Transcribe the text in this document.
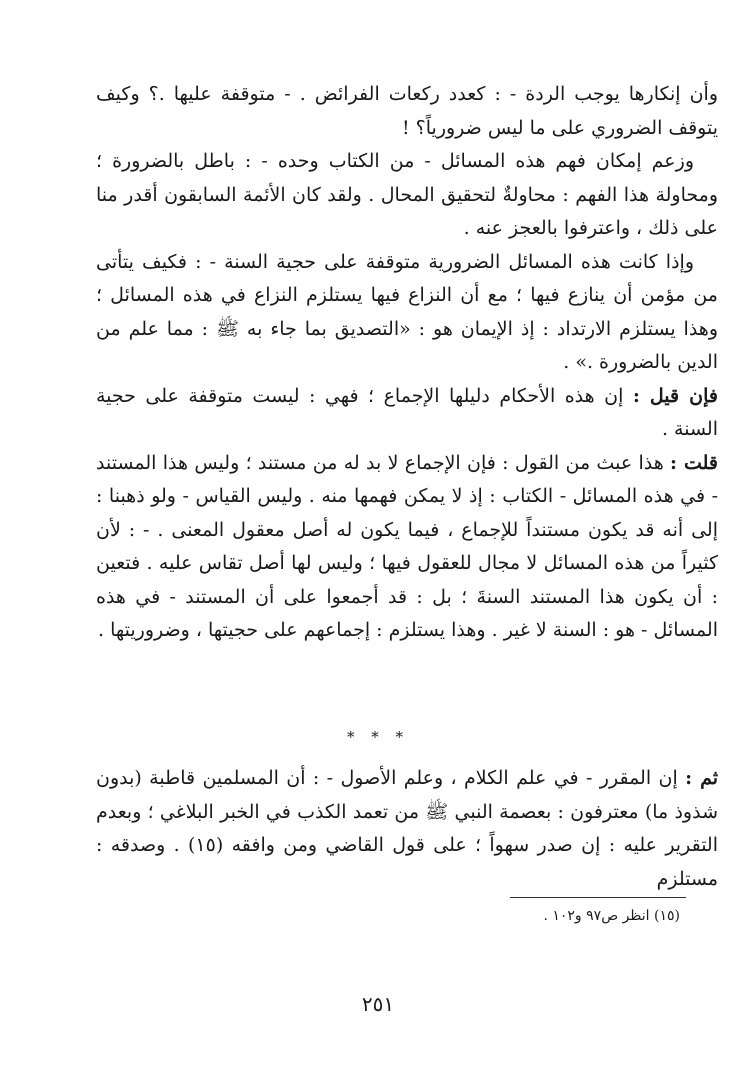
وأن إنكارها يوجب الردة - : كعدد ركعات الفرائض . - متوقفة عليها .؟ وكيف يتوقف الضروري على ما ليس ضرورياً؟ !

وزعم إمكان فهم هذه المسائل - من الكتاب وحده - : باطل بالضرورة ؛ ومحاولة هذا الفهم : محاولةٌ لتحقيق المحال . ولقد كان الأئمة السابقون أقدر منا على ذلك ، واعترفوا بالعجز عنه .

وإذا كانت هذه المسائل الضرورية متوقفة على حجية السنة - : فكيف يتأتى من مؤمن أن ينازع فيها ؛ مع أن النزاع فيها يستلزم النزاع في هذه المسائل ؛ وهذا يستلزم الارتداد : إذ الإيمان هو : «التصديق بما جاء به ﷺ : مما علم من الدين بالضرورة .» .

فإن قيل : إن هذه الأحكام دليلها الإجماع ؛ فهي : ليست متوقفة على حجية السنة .

قلت : هذا عبث من القول : فإن الإجماع لا بد له من مستند ؛ وليس هذا المستند - في هذه المسائل - الكتاب : إذ لا يمكن فهمها منه . وليس القياس - ولو ذهبنا : إلى أنه قد يكون مستنداً للإجماع ، فيما يكون له أصل معقول المعنى . - : لأن كثيراً من هذه المسائل لا مجال للعقول فيها ؛ وليس لها أصل تقاس عليه . فتعين : أن يكون هذا المستند السنةَ ؛ بل : قد أجمعوا على أن المستند - في هذه المسائل - هو : السنة لا غير . وهذا يستلزم : إجماعهم على حجيتها ، وضروريتها .

* * *

ثم : إن المقرر - في علم الكلام ، وعلم الأصول - : أن المسلمين قاطبة (بدون شذوذ ما) معترفون : بعصمة النبي ﷺ من تعمد الكذب في الخبر البلاغي ؛ وبعدم التقرير عليه : إن صدر سهواً ؛ على قول القاضي ومن وافقه (١٥) . وصدقه : مستلزم

(١٥) انظر ص٩٧ و١٠٢ .
٢٥١
